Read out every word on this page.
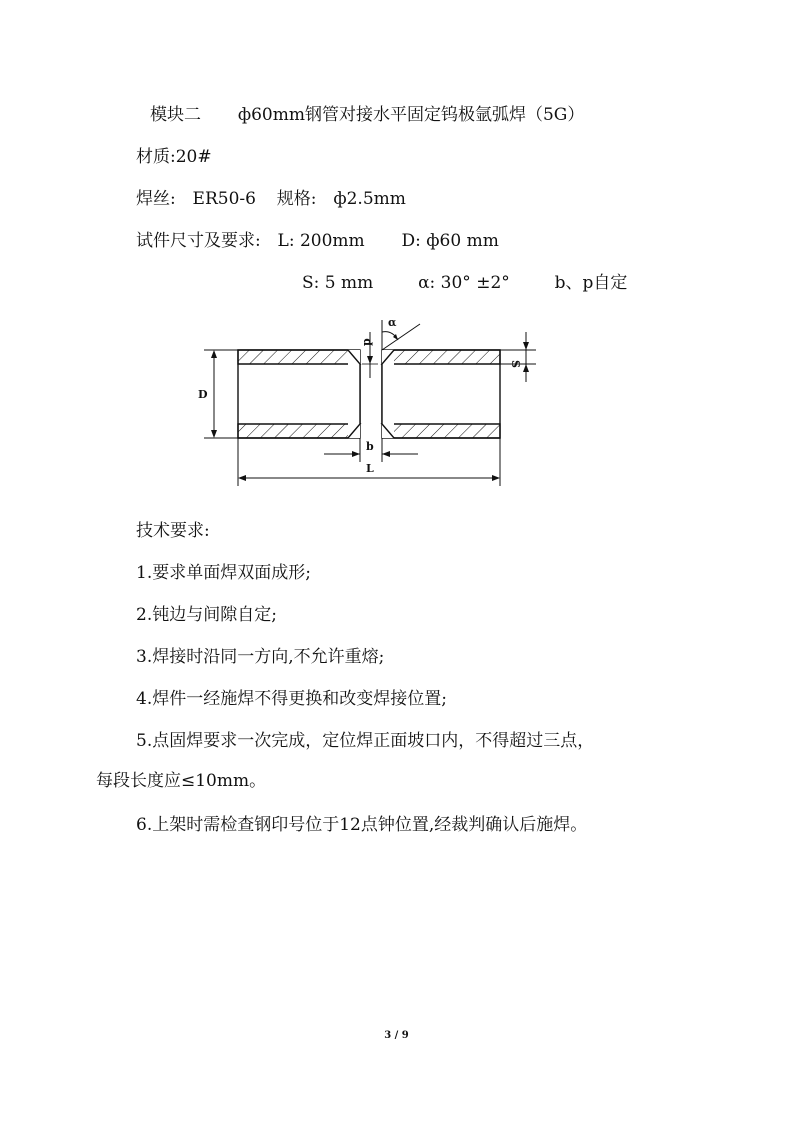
模块二 ф60mm钢管对接水平固定钨极氩弧焊（5G）
材质:20#
焊丝: ER50-6 规格: ф2.5mm
试件尺寸及要求: L: 200mm D: ф60 mm
S: 5 mm	α: 30° ±2°	b、p自定
D
S
p
α
b
L
技术要求:
1.要求单面焊双面成形;
2.钝边与间隙自定;
3.焊接时沿同一方向,不允许重熔;
4.焊件一经施焊不得更换和改变焊接位置;
5.点固焊要求一次完成，定位焊正面坡口内，不得超过三点，
每段长度应≤10mm。
6.上架时需检查钢印号位于12点钟位置,经裁判确认后施焊。
3 / 9
